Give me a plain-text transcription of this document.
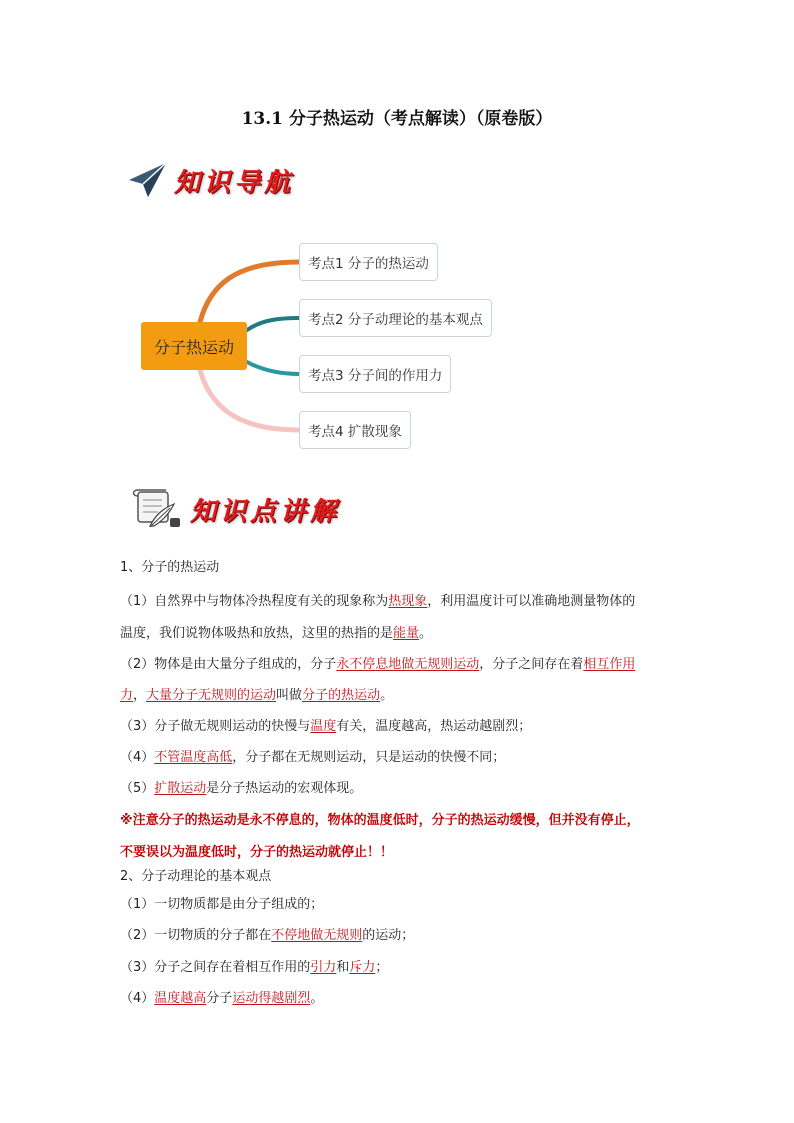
13.1 分子热运动（考点解读）（原卷版）
知识导航
分子热运动
考点1 分子的热运动
考点2 分子动理论的基本观点
考点3 分子间的作用力
考点4 扩散现象
知识点讲解
1、分子的热运动
（1）自然界中与物体冷热程度有关的现象称为热现象，利用温度计可以准确地测量物体的
温度，我们说物体吸热和放热，这里的热指的是能量。
（2）物体是由大量分子组成的，分子永不停息地做无规则运动，分子之间存在着相互作用
力，大量分子无规则的运动叫做分子的热运动。
（3）分子做无规则运动的快慢与温度有关，温度越高，热运动越剧烈；
（4）不管温度高低，分子都在无规则运动，只是运动的快慢不同；
（5）扩散运动是分子热运动的宏观体现。
※注意分子的热运动是永不停息的，物体的温度低时，分子的热运动缓慢，但并没有停止，
不要误以为温度低时，分子的热运动就停止！！
2、分子动理论的基本观点
（1）一切物质都是由分子组成的；
（2）一切物质的分子都在不停地做无规则的运动；
（3）分子之间存在着相互作用的引力和斥力；
（4）温度越高分子运动得越剧烈。
